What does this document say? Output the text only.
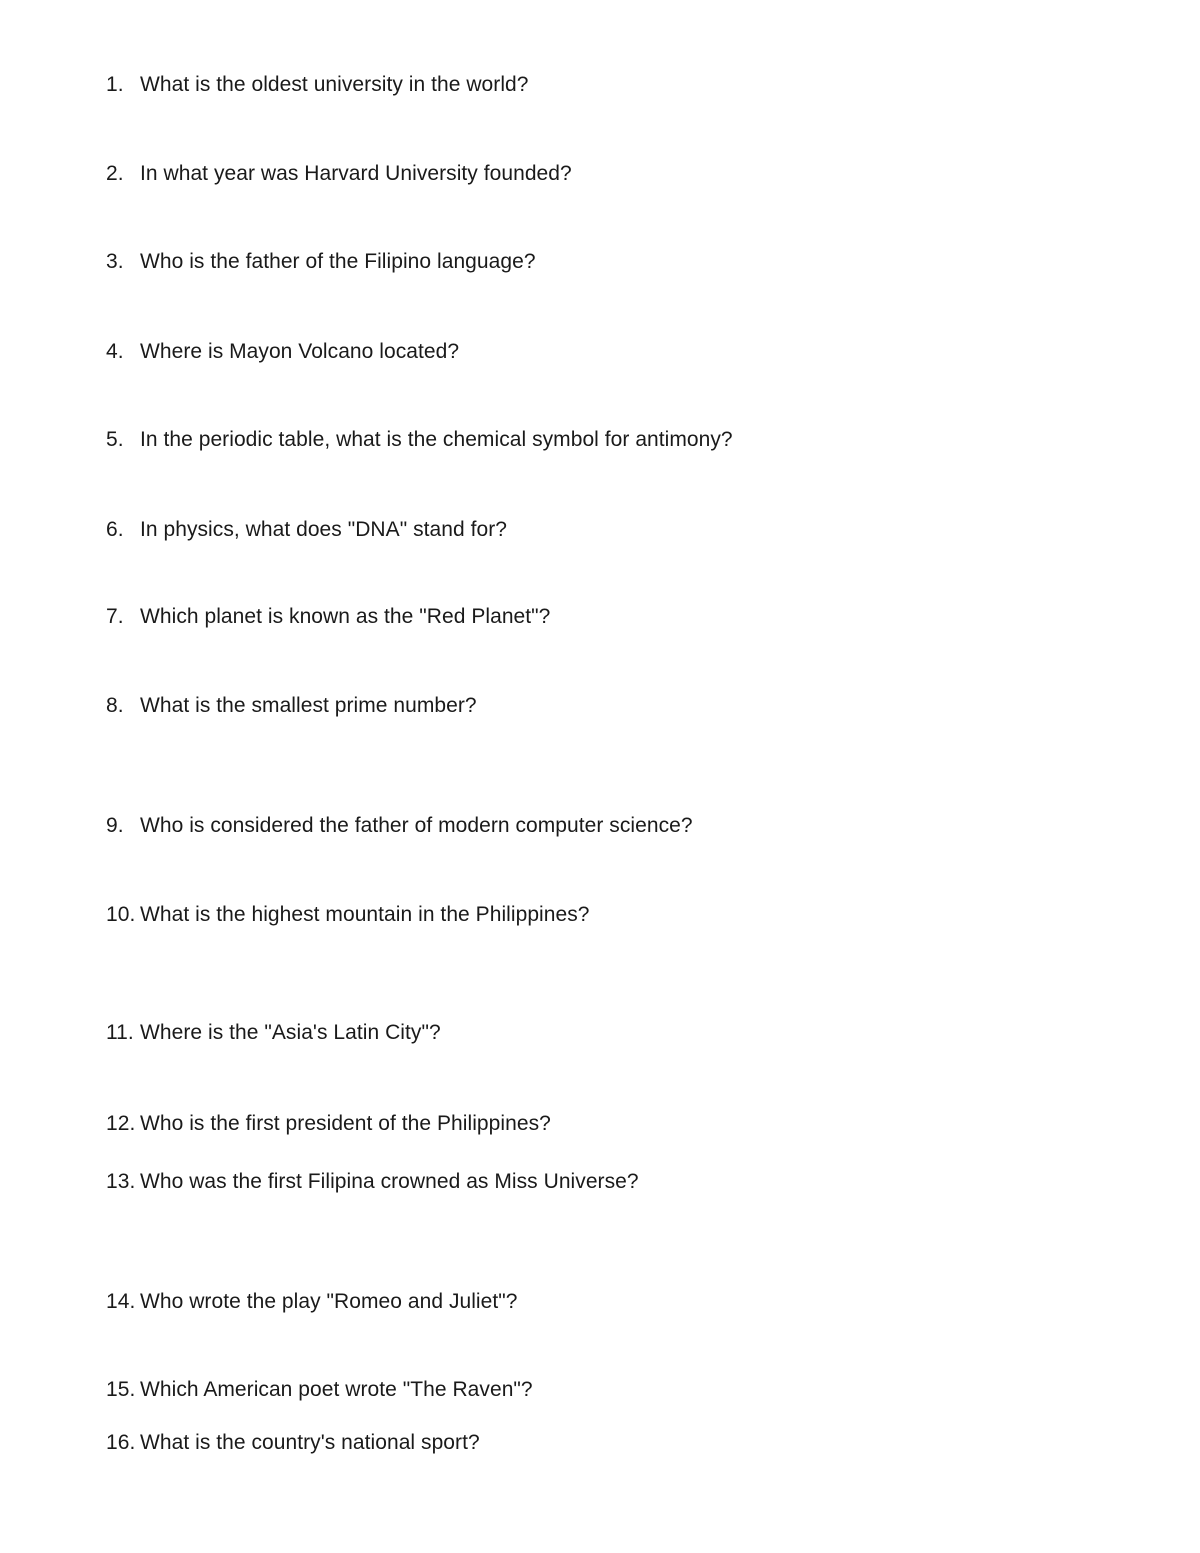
1. What is the oldest university in the world?
2. In what year was Harvard University founded?
3. Who is the father of the Filipino language?
4. Where is Mayon Volcano located?
5. In the periodic table, what is the chemical symbol for antimony?
6. In physics, what does "DNA" stand for?
7. Which planet is known as the "Red Planet"?
8. What is the smallest prime number?
9. Who is considered the father of modern computer science?
10. What is the highest mountain in the Philippines?
11. Where is the "Asia's Latin City"?
12. Who is the first president of the Philippines?
13. Who was the first Filipina crowned as Miss Universe?
14. Who wrote the play "Romeo and Juliet"?
15. Which American poet wrote "The Raven"?
16. What is the country's national sport?
